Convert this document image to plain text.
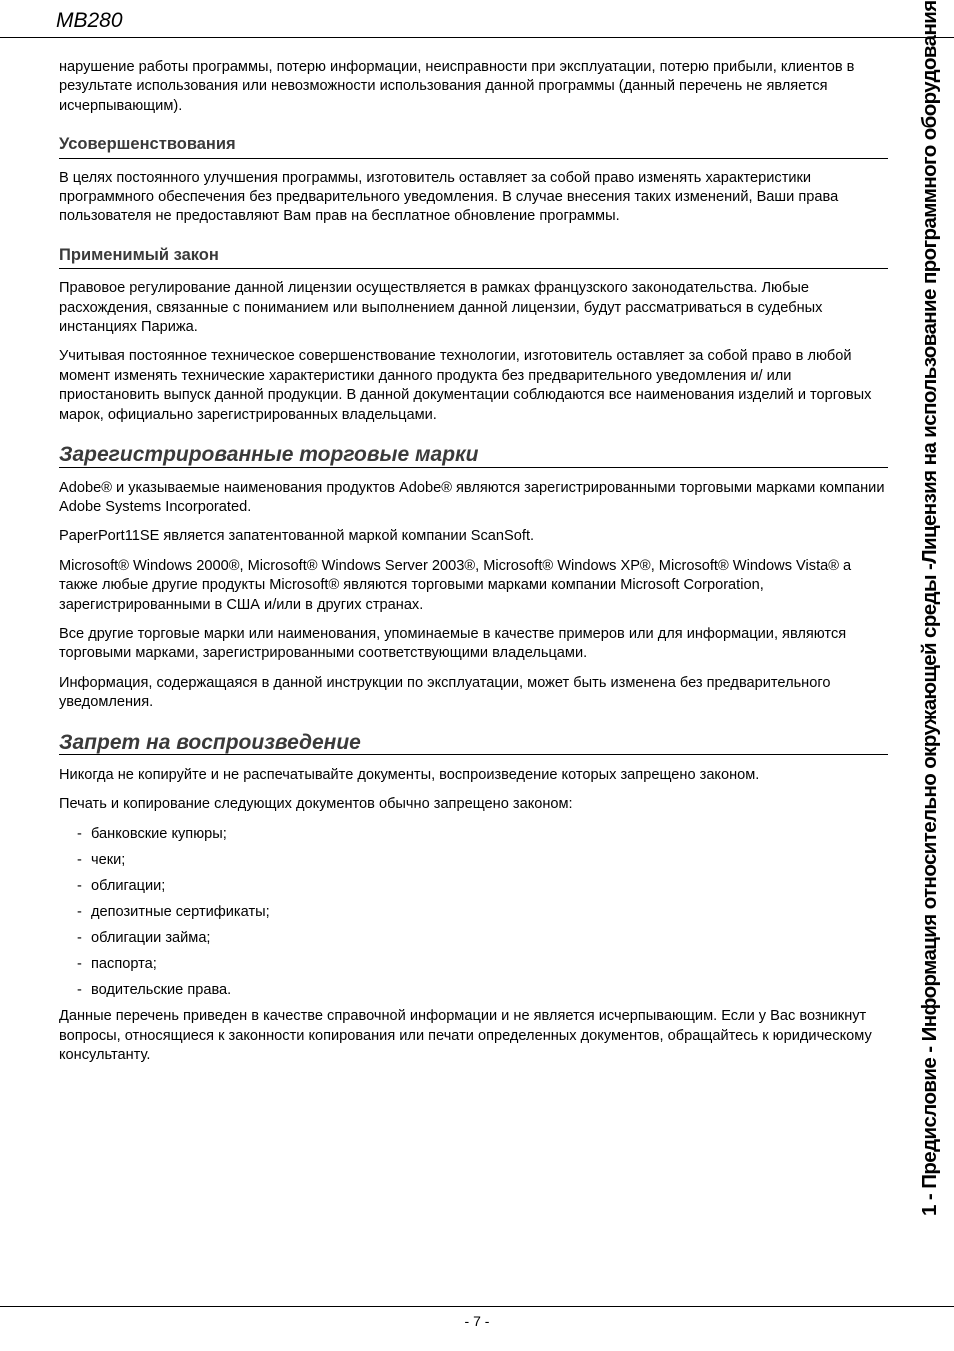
MB280

нарушение работы программы, потерю информации, неисправности при эксплуатации, потерю прибыли, клиентов в результате использования или невозможности использования данной программы (данный перечень не является исчерпывающим).

Усовершенствования

В целях постоянного улучшения программы, изготовитель оставляет за собой право изменять характеристики программного обеспечения без предварительного уведомления. В случае внесения таких изменений, Ваши права пользователя не предоставляют Вам прав на бесплатное обновление программы.

Применимый закон

Правовое регулирование данной лицензии осуществляется в рамках французского законодательства. Любые расхождения, связанные с пониманием или выполнением данной лицензии, будут рассматриваться в судебных инстанциях Парижа.

Учитывая постоянное техническое совершенствование технологии, изготовитель оставляет за собой право в любой момент изменять технические характеристики данного продукта без предварительного уведомления и/ или приостановить выпуск данной продукции. В данной документации соблюдаются все наименования изделий и торговых марок, официально зарегистрированных владельцами.

Зарегистрированные торговые марки

Adobe® и указываемые наименования продуктов Adobe® являются зарегистрированными торговыми марками компании Adobe Systems Incorporated.

PaperPort11SE является запатентованной маркой компании ScanSoft.

Microsoft® Windows 2000®, Microsoft® Windows Server 2003®, Microsoft® Windows XP®, Microsoft® Windows Vista® а также любые другие продукты Microsoft® являются торговыми марками компании Microsoft Corporation, зарегистрированными в США и/или в других странах.

Все другие торговые марки или наименования, упоминаемые в качестве примеров или для информации, являются торговыми марками, зарегистрированными соответствующими владельцами.

Информация, содержащаяся в данной инструкции по эксплуатации, может быть изменена без предварительного уведомления.

Запрет на воспроизведение

Никогда не копируйте и не распечатывайте документы, воспроизведение которых запрещено законом.

Печать и копирование следующих документов обычно запрещено законом:

- банковские купюры;
- чеки;
- облигации;
- депозитные сертификаты;
- облигации займа;
- паспорта;
- водительские права.

Данные перечень приведен в качестве справочной информации и не является исчерпывающим. Если у Вас возникнут вопросы, относящиеся к законности копирования или печати определенных документов, обращайтесь к юридическому консультанту.	1 - Предисловие - Информация относительно окружающей среды -Лицензия на использование программного оборудования
- 7 -
